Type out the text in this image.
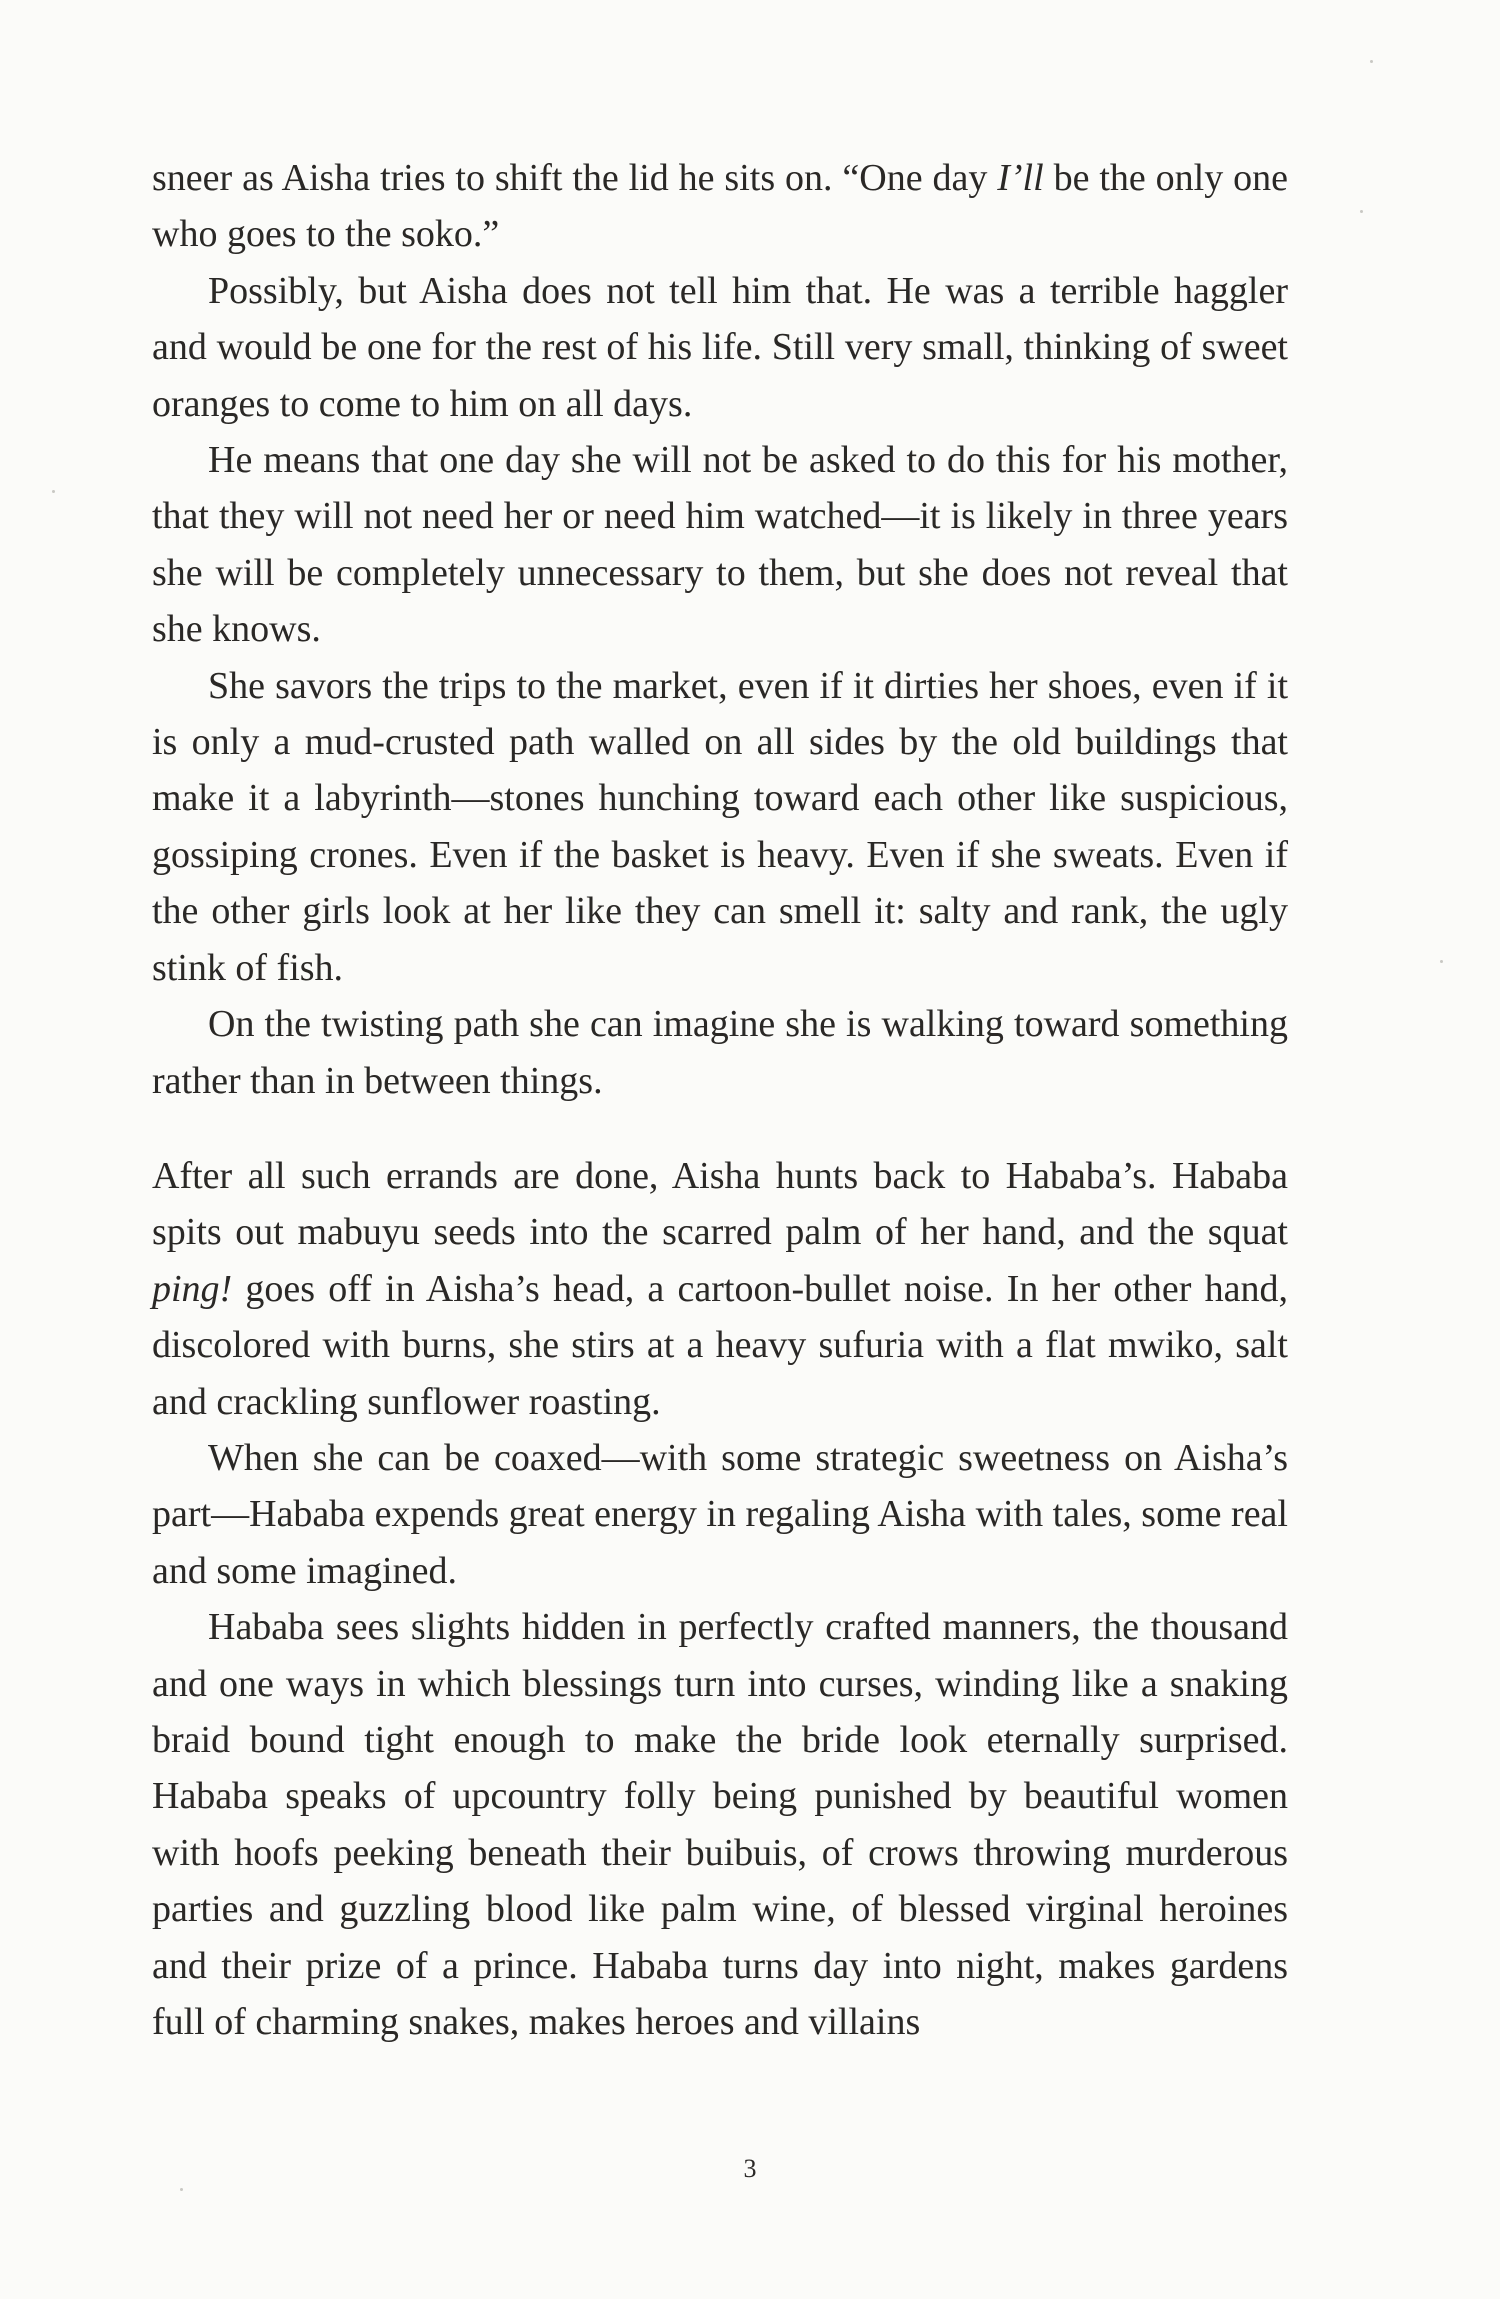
sneer as Aisha tries to shift the lid he sits on. “One day I’ll be the only one who goes to the soko.”

Possibly, but Aisha does not tell him that. He was a terrible haggler and would be one for the rest of his life. Still very small, thinking of sweet oranges to come to him on all days.

He means that one day she will not be asked to do this for his mother, that they will not need her or need him watched—it is likely in three years she will be completely unnecessary to them, but she does not reveal that she knows.

She savors the trips to the market, even if it dirties her shoes, even if it is only a mud-crusted path walled on all sides by the old buildings that make it a labyrinth—stones hunching toward each other like suspicious, gossiping crones. Even if the basket is heavy. Even if she sweats. Even if the other girls look at her like they can smell it: salty and rank, the ugly stink of fish.

On the twisting path she can imagine she is walking toward something rather than in between things.

After all such errands are done, Aisha hunts back to Hababa’s. Hababa spits out mabuyu seeds into the scarred palm of her hand, and the squat ping! goes off in Aisha’s head, a cartoon-bullet noise. In her other hand, discolored with burns, she stirs at a heavy sufuria with a flat mwiko, salt and crackling sunflower roasting.

When she can be coaxed—with some strategic sweetness on Aisha’s part—Hababa expends great energy in regaling Aisha with tales, some real and some imagined.

Hababa sees slights hidden in perfectly crafted manners, the thousand and one ways in which blessings turn into curses, winding like a snaking braid bound tight enough to make the bride look eternally surprised. Hababa speaks of upcountry folly being punished by beautiful women with hoofs peeking beneath their buibuis, of crows throwing murderous parties and guzzling blood like palm wine, of blessed virginal heroines and their prize of a prince. Hababa turns day into night, makes gardens full of charming snakes, makes heroes and villains

3
